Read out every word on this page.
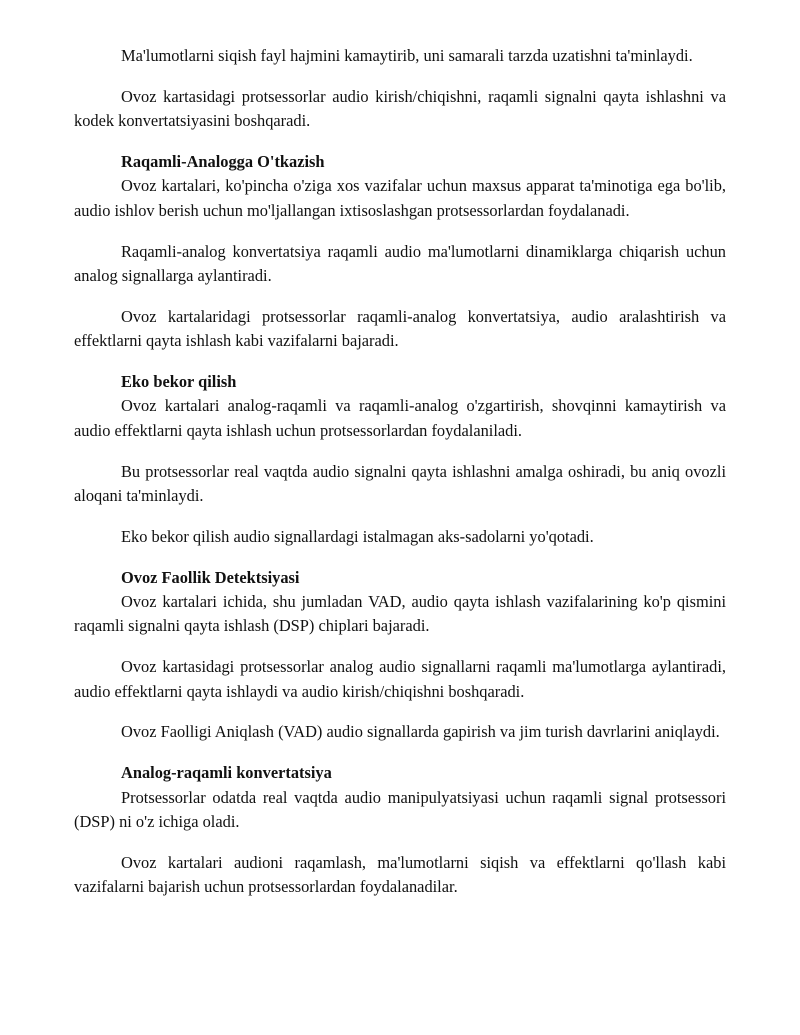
Ma'lumotlarni siqish fayl hajmini kamaytirib, uni samarali tarzda uzatishni ta'minlaydi.

Ovoz kartasidagi protsessorlar audio kirish/chiqishni, raqamli signalni qayta ishlashni va kodek konvertatsiyasini boshqaradi.

Raqamli-Analogga O'tkazish

Ovoz kartalari, ko'pincha o'ziga xos vazifalar uchun maxsus apparat ta'minotiga ega bo'lib, audio ishlov berish uchun mo'ljallangan ixtisoslashgan protsessorlardan foydalanadi.

Raqamli-analog konvertatsiya raqamli audio ma'lumotlarni dinamiklarga chiqarish uchun analog signallarga aylantiradi.

Ovoz kartalaridagi protsessorlar raqamli-analog konvertatsiya, audio aralashtirish va effektlarni qayta ishlash kabi vazifalarni bajaradi.

Eko bekor qilish

Ovoz kartalari analog-raqamli va raqamli-analog o'zgartirish, shovqinni kamaytirish va audio effektlarni qayta ishlash uchun protsessorlardan foydalaniladi.

Bu protsessorlar real vaqtda audio signalni qayta ishlashni amalga oshiradi, bu aniq ovozli aloqani ta'minlaydi.

Eko bekor qilish audio signallardagi istalmagan aks-sadolarni yo'qotadi.

Ovoz Faollik Detektsiyasi

Ovoz kartalari ichida, shu jumladan VAD, audio qayta ishlash vazifalarining ko'p qismini raqamli signalni qayta ishlash (DSP) chiplari bajaradi.

Ovoz kartasidagi protsessorlar analog audio signallarni raqamli ma'lumotlarga aylantiradi, audio effektlarni qayta ishlaydi va audio kirish/chiqishni boshqaradi.

Ovoz Faolligi Aniqlash (VAD) audio signallarda gapirish va jim turish davrlarini aniqlaydi.

Analog-raqamli konvertatsiya

Protsessorlar odatda real vaqtda audio manipulyatsiyasi uchun raqamli signal protsessori (DSP) ni o'z ichiga oladi.

Ovoz kartalari audioni raqamlash, ma'lumotlarni siqish va effektlarni qo'llash kabi vazifalarni bajarish uchun protsessorlardan foydalanadilar.
